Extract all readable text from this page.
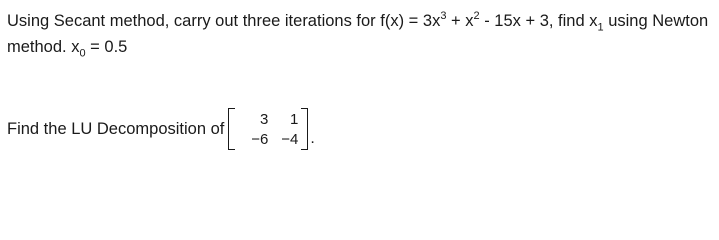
Using Secant method, carry out three iterations for $f(x) = 3x^3 + x^2 - 15x + 3$, find $x_1$ using Newton method. $x_0 = 0.5$
Find the LU Decomposition of
3 1
−6 −4 .
